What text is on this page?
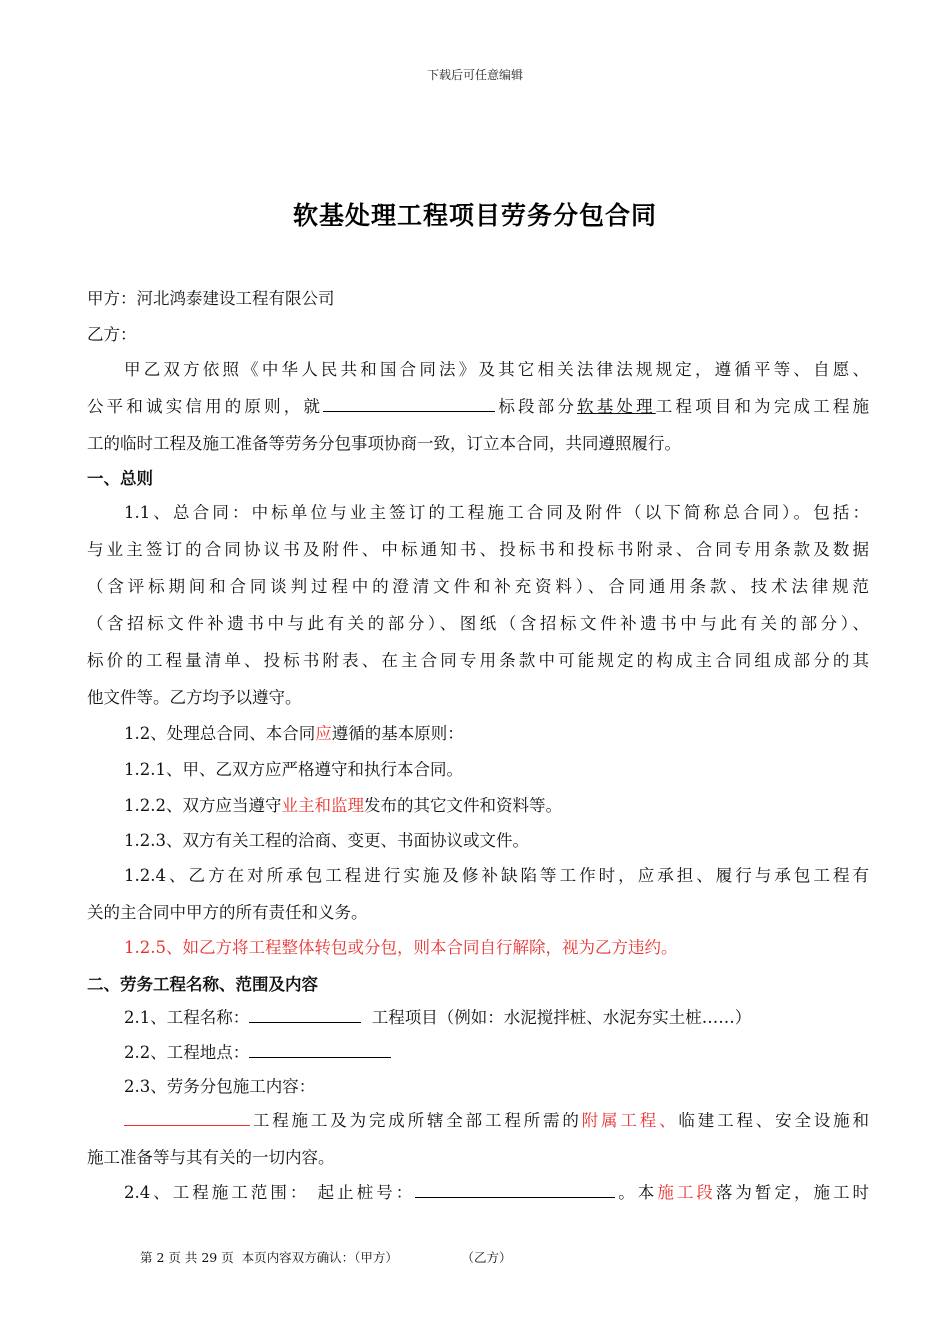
下载后可任意编辑
软基处理工程项目劳务分包合同
甲方：河北鸿泰建设工程有限公司
乙方：
甲乙双方依照《中华人民共和国合同法》及其它相关法律法规规定，遵循平等、自愿、
公平和诚实信用的原则，就	标段部分软基处理工程项目和为完成工程施
工的临时工程及施工准备等劳务分包事项协商一致，订立本合同，共同遵照履行。
一、总则
1.1、总合同：中标单位与业主签订的工程施工合同及附件（以下简称总合同）。包括：
与业主签订的合同协议书及附件、中标通知书、投标书和投标书附录、合同专用条款及数据
（含评标期间和合同谈判过程中的澄清文件和补充资料）、合同通用条款、技术法律规范
（含招标文件补遗书中与此有关的部分）、图纸（含招标文件补遗书中与此有关的部分）、
标价的工程量清单、投标书附表、在主合同专用条款中可能规定的构成主合同组成部分的其
他文件等。乙方均予以遵守。
1.2、处理总合同、本合同应遵循的基本原则：
1.2.1、甲、乙双方应严格遵守和执行本合同。
1.2.2、双方应当遵守业主和监理发布的其它文件和资料等。
1.2.3、双方有关工程的洽商、变更、书面协议或文件。
1.2.4、乙方在对所承包工程进行实施及修补缺陷等工作时，应承担、履行与承包工程有
关的主合同中甲方的所有责任和义务。
1.2.5、如乙方将工程整体转包或分包，则本合同自行解除，视为乙方违约。
二、劳务工程名称、范围及内容
2.1、工程名称：	工程项目（例如：水泥搅拌桩、水泥夯实土桩……）
2.2、工程地点：
2.3、劳务分包施工内容：
工程施工及为完成所辖全部工程所需的附属工程、临建工程、安全设施和
施工准备等与其有关的一切内容。
2.4、工程施工范围： 起止桩号：	。本施工段落为暂定，施工时
第 2 页 共 29 页  本页内容双方确认：（甲方）                （乙方）
